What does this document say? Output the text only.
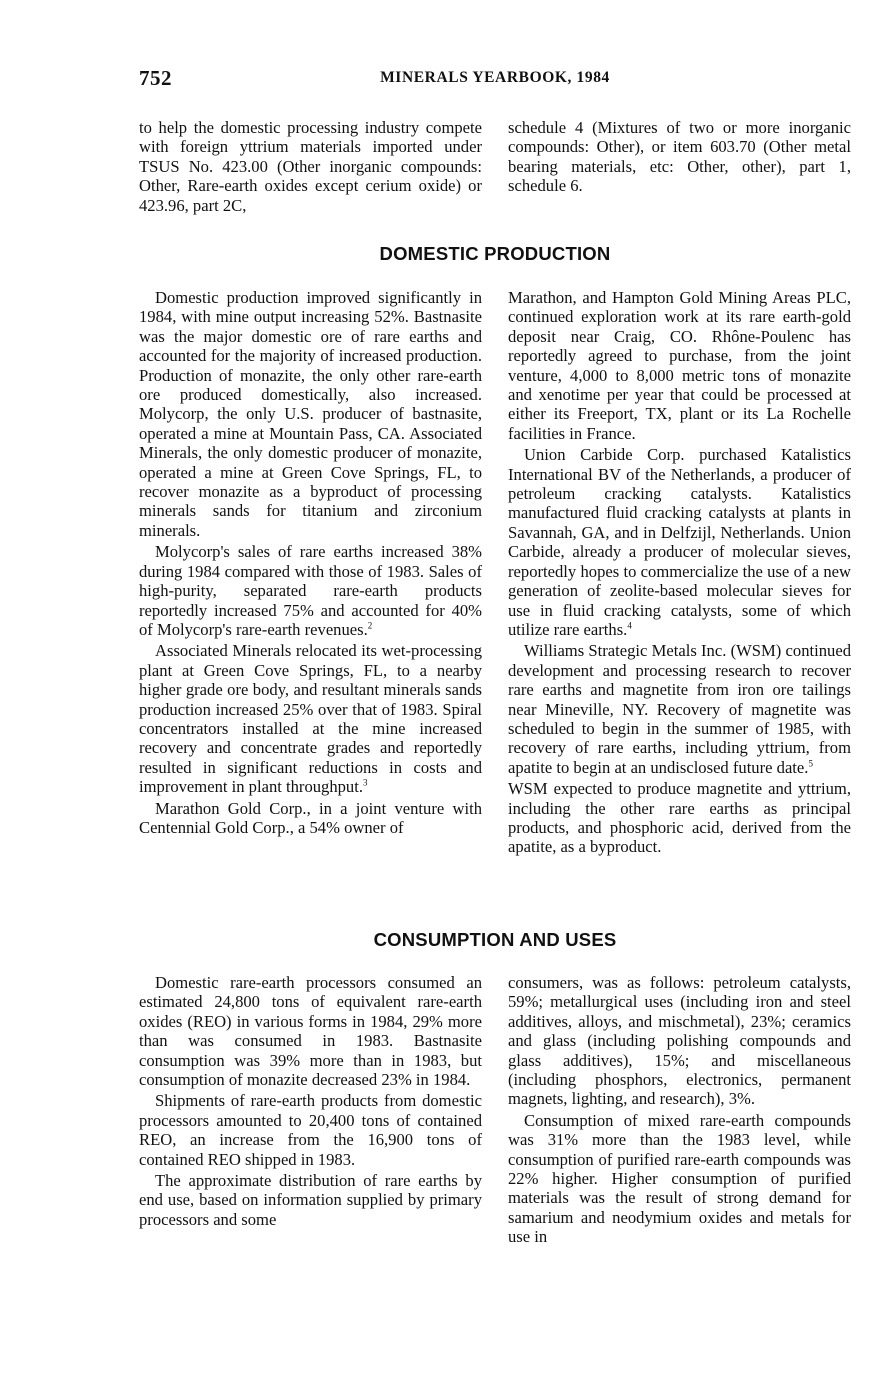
752	MINERALS YEARBOOK, 1984

to help the domestic processing industry compete with foreign yttrium materials imported under TSUS No. 423.00 (Other inorganic compounds: Other, Rare-earth oxides except cerium oxide) or 423.96, part 2C,

schedule 4 (Mixtures of two or more inorganic compounds: Other), or item 603.70 (Other metal bearing materials, etc: Other, other), part 1, schedule 6.

DOMESTIC PRODUCTION

Domestic production improved significantly in 1984, with mine output increasing 52%. Bastnasite was the major domestic ore of rare earths and accounted for the majority of increased production. Production of monazite, the only other rare-earth ore produced domestically, also increased. Molycorp, the only U.S. producer of bastnasite, operated a mine at Mountain Pass, CA. Associated Minerals, the only domestic producer of monazite, operated a mine at Green Cove Springs, FL, to recover monazite as a byproduct of processing minerals sands for titanium and zirconium minerals.

Molycorp's sales of rare earths increased 38% during 1984 compared with those of 1983. Sales of high-purity, separated rare-earth products reportedly increased 75% and accounted for 40% of Molycorp's rare-earth revenues.$^2$

Associated Minerals relocated its wet-processing plant at Green Cove Springs, FL, to a nearby higher grade ore body, and resultant minerals sands production increased 25% over that of 1983. Spiral concentrators installed at the mine increased recovery and concentrate grades and reportedly resulted in significant reductions in costs and improvement in plant throughput.$^3$

Marathon Gold Corp., in a joint venture with Centennial Gold Corp., a 54% owner of

Marathon, and Hampton Gold Mining Areas PLC, continued exploration work at its rare earth-gold deposit near Craig, CO. Rhône-Poulenc has reportedly agreed to purchase, from the joint venture, 4,000 to 8,000 metric tons of monazite and xenotime per year that could be processed at either its Freeport, TX, plant or its La Rochelle facilities in France.

Union Carbide Corp. purchased Katalistics International BV of the Netherlands, a producer of petroleum cracking catalysts. Katalistics manufactured fluid cracking catalysts at plants in Savannah, GA, and in Delfzijl, Netherlands. Union Carbide, already a producer of molecular sieves, reportedly hopes to commercialize the use of a new generation of zeolite-based molecular sieves for use in fluid cracking catalysts, some of which utilize rare earths.$^4$

Williams Strategic Metals Inc. (WSM) continued development and processing research to recover rare earths and magnetite from iron ore tailings near Mineville, NY. Recovery of magnetite was scheduled to begin in the summer of 1985, with recovery of rare earths, including yttrium, from apatite to begin at an undisclosed future date.$^5$

WSM expected to produce magnetite and yttrium, including the other rare earths as principal products, and phosphoric acid, derived from the apatite, as a byproduct.

CONSUMPTION AND USES

Domestic rare-earth processors consumed an estimated 24,800 tons of equivalent rare-earth oxides (REO) in various forms in 1984, 29% more than was consumed in 1983. Bastnasite consumption was 39% more than in 1983, but consumption of monazite decreased 23% in 1984.

Shipments of rare-earth products from domestic processors amounted to 20,400 tons of contained REO, an increase from the 16,900 tons of contained REO shipped in 1983.

The approximate distribution of rare earths by end use, based on information supplied by primary processors and some

consumers, was as follows: petroleum catalysts, 59%; metallurgical uses (including iron and steel additives, alloys, and mischmetal), 23%; ceramics and glass (including polishing compounds and glass additives), 15%; and miscellaneous (including phosphors, electronics, permanent magnets, lighting, and research), 3%.

Consumption of mixed rare-earth compounds was 31% more than the 1983 level, while consumption of purified rare-earth compounds was 22% higher. Higher consumption of purified materials was the result of strong demand for samarium and neodymium oxides and metals for use in
